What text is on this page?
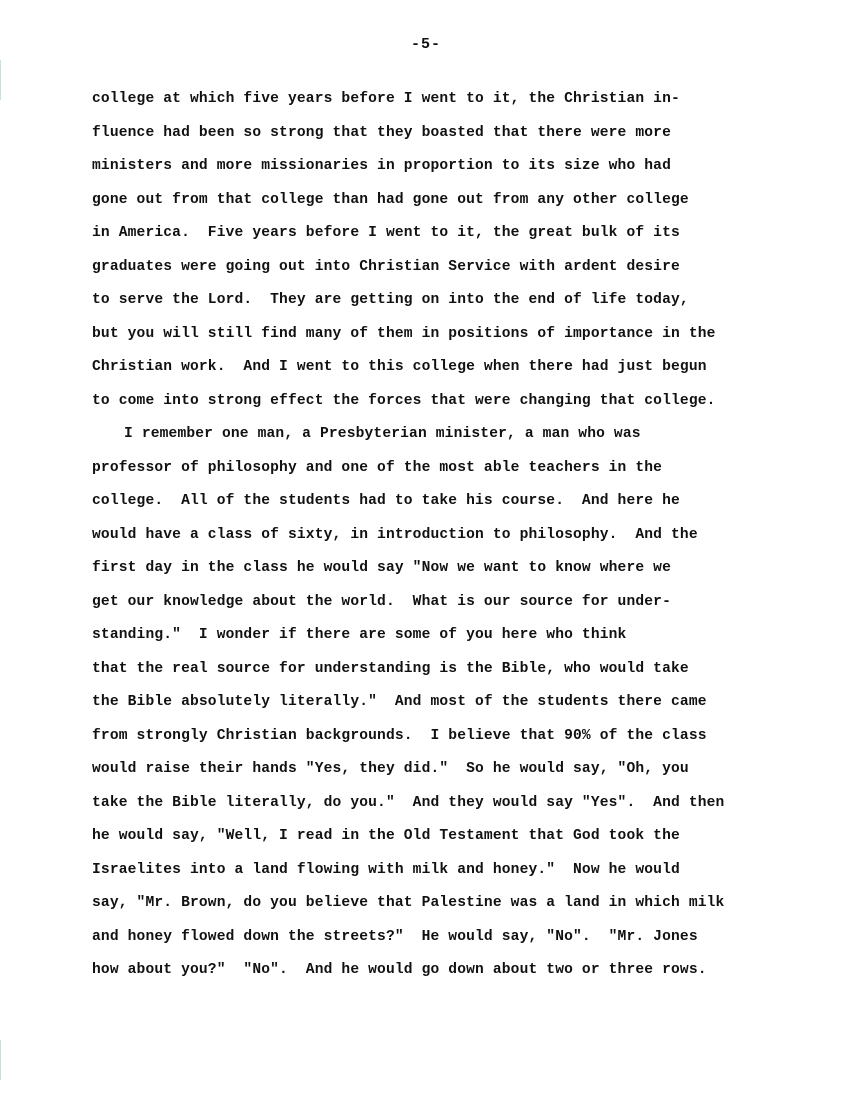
-5-
college at which five years before I went to it, the Christian in-
fluence had been so strong that they boasted that there were more
ministers and more missionaries in proportion to its size who had
gone out from that college than had gone out from any other college
in America.  Five years before I went to it, the great bulk of its
graduates were going out into Christian Service with ardent desire
to serve the Lord.  They are getting on into the end of life today,
but you will still find many of them in positions of importance in the
Christian work.  And I went to this college when there had just begun
to come into strong effect the forces that were changing that college.
I remember one man, a Presbyterian minister, a man who was
professor of philosophy and one of the most able teachers in the
college.  All of the students had to take his course.  And here he
would have a class of sixty, in introduction to philosophy.  And the
first day in the class he would say "Now we want to know where we
get our knowledge about the world.  What is our source for under-
standing."  I wonder if there are some of you here who think
that the real source for understanding is the Bible, who would take
the Bible absolutely literally."  And most of the students there came
from strongly Christian backgrounds.  I believe that 90% of the class
would raise their hands "Yes, they did."  So he would say, "Oh, you
take the Bible literally, do you."  And they would say "Yes".  And then
he would say, "Well, I read in the Old Testament that God took the
Israelites into a land flowing with milk and honey."  Now he would
say, "Mr. Brown, do you believe that Palestine was a land in which milk
and honey flowed down the streets?"  He would say, "No".  "Mr. Jones
how about you?"  "No".  And he would go down about two or three rows.
